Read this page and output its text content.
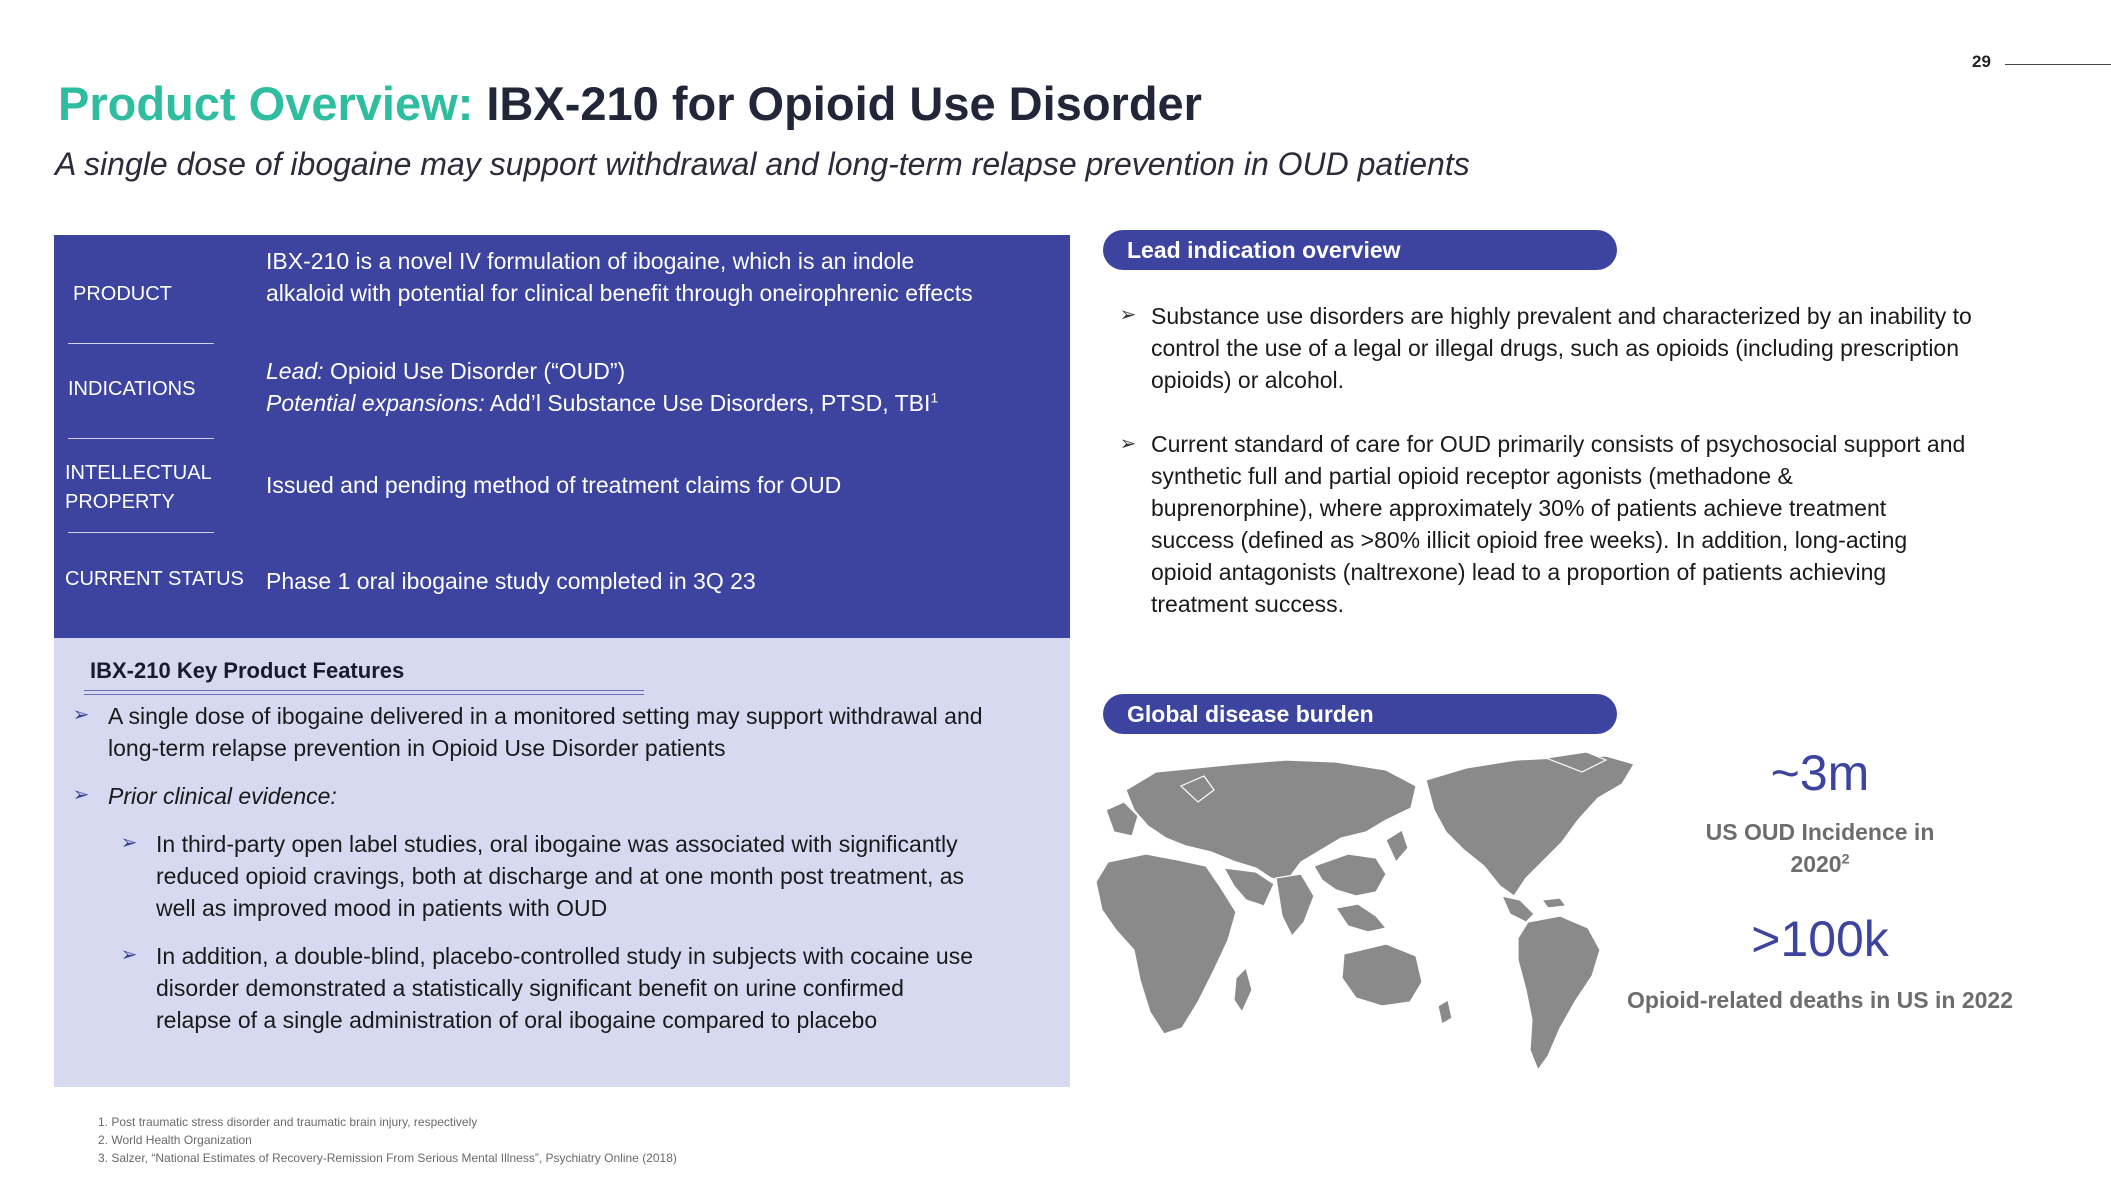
29
Product Overview: IBX-210 for Opioid Use Disorder
A single dose of ibogaine may support withdrawal and long-term relapse prevention in OUD patients
PRODUCT
IBX-210 is a novel IV formulation of ibogaine, which is an indole
alkaloid with potential for clinical benefit through oneirophrenic effects
INDICATIONS
Lead: Opioid Use Disorder (“OUD”)
Potential expansions: Add’l Substance Use Disorders, PTSD, TBI$^1$
INTELLECTUAL
PROPERTY
Issued and pending method of treatment claims for OUD
CURRENT STATUS Phase 1 oral ibogaine study completed in 3Q 23
IBX-210 Key Product Features
➢ A single dose of ibogaine delivered in a monitored setting may support withdrawal and
long-term relapse prevention in Opioid Use Disorder patients
➢ Prior clinical evidence:
➢ In third-party open label studies, oral ibogaine was associated with significantly
reduced opioid cravings, both at discharge and at one month post treatment, as
well as improved mood in patients with OUD
➢ In addition, a double-blind, placebo-controlled study in subjects with cocaine use
disorder demonstrated a statistically significant benefit on urine confirmed
relapse of a single administration of oral ibogaine compared to placebo
Lead indication overview
➢ Substance use disorders are highly prevalent and characterized by an inability to
control the use of a legal or illegal drugs, such as opioids (including prescription
opioids) or alcohol.
➢ Current standard of care for OUD primarily consists of psychosocial support and
synthetic full and partial opioid receptor agonists (methadone &
buprenorphine), where approximately 30% of patients achieve treatment
success (defined as >80% illicit opioid free weeks). In addition, long-acting
opioid antagonists (naltrexone) lead to a proportion of patients achieving
treatment success.
Global disease burden
~3m
US OUD Incidence in
$2020^2$
>100k
Opioid-related deaths in US in 2022
1. Post traumatic stress disorder and traumatic brain injury, respectively
2. World Health Organization
3. Salzer, “National Estimates of Recovery-Remission From Serious Mental Illness”, Psychiatry Online (2018)
